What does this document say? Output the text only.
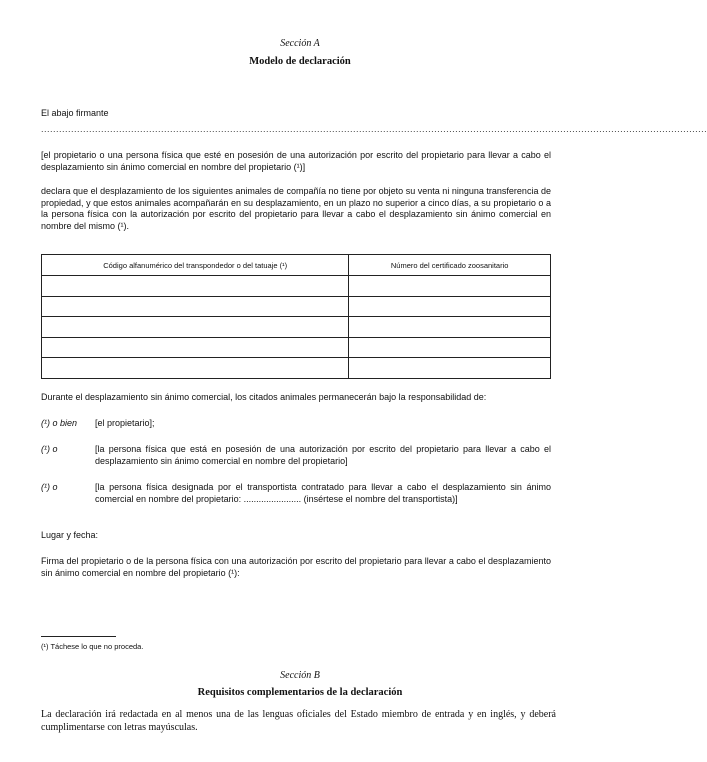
Sección A
Modelo de declaración
El abajo firmante
..............................................................................................................................................................................................................................
[el propietario o una persona física que esté en posesión de una autorización por escrito del propietario para llevar a cabo el desplazamiento sin ánimo comercial en nombre del propietario (¹)]
declara que el desplazamiento de los siguientes animales de compañía no tiene por objeto su venta ni ninguna transferencia de propiedad, y que estos animales acompañarán en su desplazamiento, en un plazo no superior a cinco días, a su propietario o a la persona física con la autorización por escrito del propietario para llevar a cabo el desplazamiento sin ánimo comercial en nombre del mismo (¹).
Código alfanumérico del transpondedor o del tatuaje (¹)	Número del certificado zoosanitario

Durante el desplazamiento sin ánimo comercial, los citados animales permanecerán bajo la responsabilidad de:
(¹) o bien	[el propietario];
(¹) o	[la persona física que está en posesión de una autorización por escrito del propietario para llevar a cabo el desplazamiento sin ánimo comercial en nombre del propietario]
(¹) o	[la persona física designada por el transportista contratado para llevar a cabo el desplazamiento sin ánimo comercial en nombre del propietario: ....................... (insértese el nombre del transportista)]
Lugar y fecha:
Firma del propietario o de la persona física con una autorización por escrito del propietario para llevar a cabo el desplazamiento sin ánimo comercial en nombre del propietario (¹):
(¹) Táchese lo que no proceda.
Sección B
Requisitos complementarios de la declaración
La declaración irá redactada en al menos una de las lenguas oficiales del Estado miembro de entrada y en inglés, y deberá cumplimentarse con letras mayúsculas.
